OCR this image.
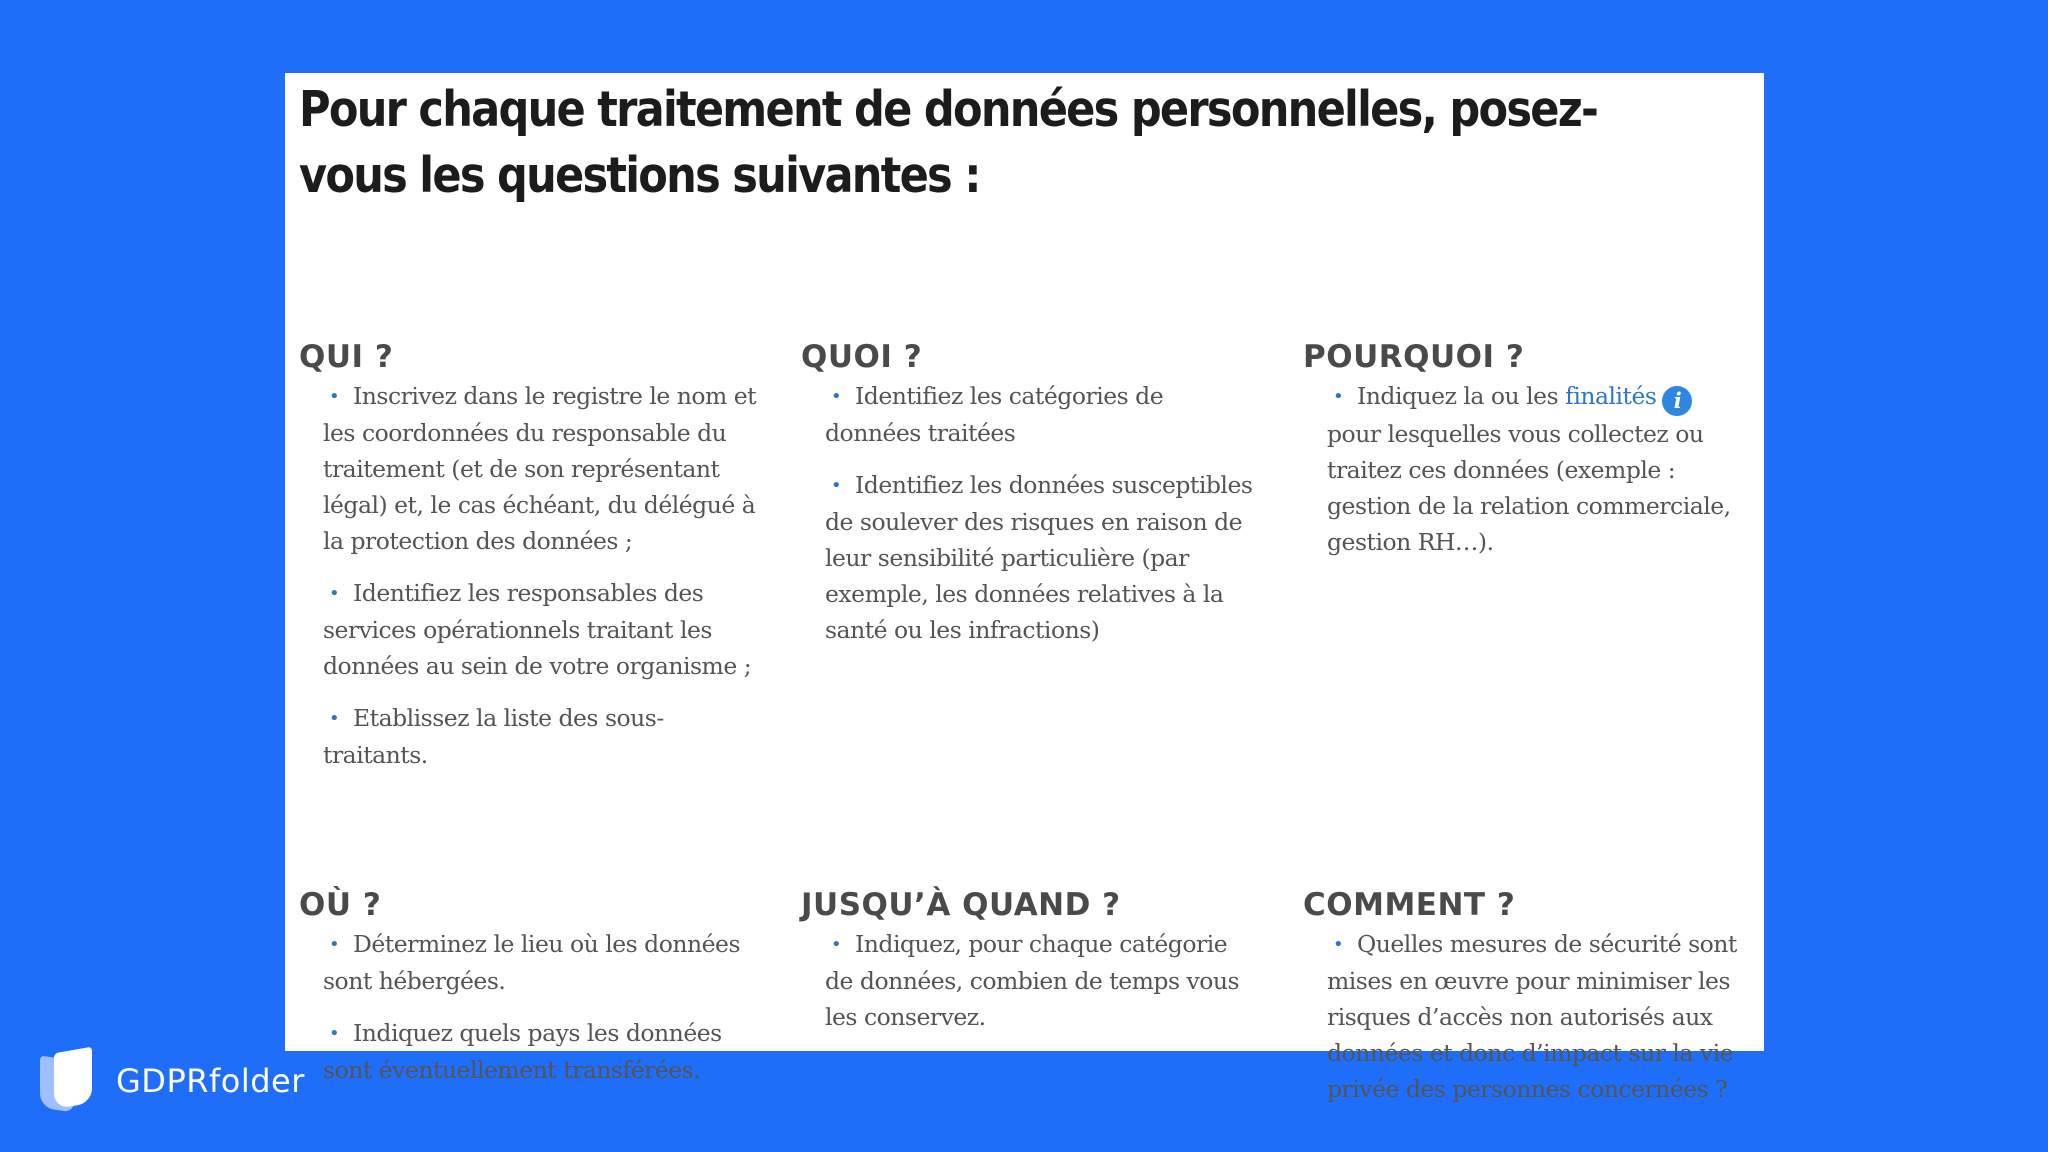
Pour chaque traitement de données personnelles, posez-vous les questions suivantes :
QUI ?
• Inscrivez dans le registre le nom et les coordonnées du responsable du traitement (et de son représentant légal) et, le cas échéant, du délégué à la protection des données ;
• Identifiez les responsables des services opérationnels traitant les données au sein de votre organisme ;
• Etablissez la liste des sous-traitants.
QUOI ?
• Identifiez les catégories de données traitées
• Identifiez les données susceptibles de soulever des risques en raison de leur sensibilité particulière (par exemple, les données relatives à la santé ou les infractions)
POURQUOI ?
• Indiquez la ou les finalités i pour lesquelles vous collectez ou traitez ces données (exemple : gestion de la relation commerciale, gestion RH…).
OÙ ?
• Déterminez le lieu où les données sont hébergées.
• Indiquez quels pays les données sont éventuellement transférées.
JUSQU’À QUAND ?
• Indiquez, pour chaque catégorie de données, combien de temps vous les conservez.
COMMENT ?
• Quelles mesures de sécurité sont mises en œuvre pour minimiser les risques d’accès non autorisés aux données et donc d’impact sur la vie privée des personnes concernées ?
GDPRfolder
